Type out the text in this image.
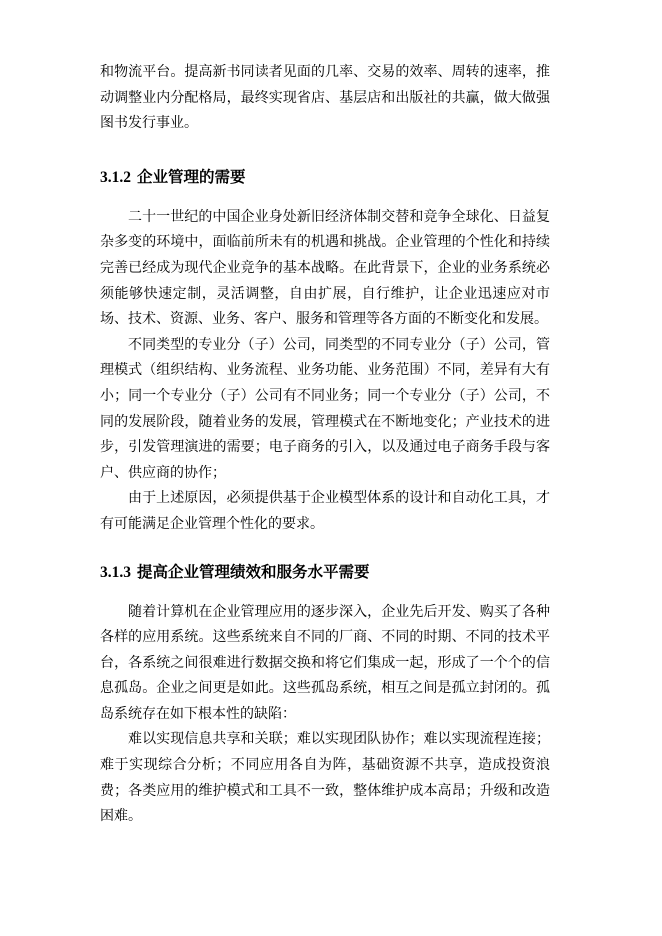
和物流平台。提高新书同读者见面的几率、交易的效率、周转的速率，推动调整业内分配格局，最终实现省店、基层店和出版社的共赢，做大做强图书发行事业。

3.1.2 企业管理的需要

二十一世纪的中国企业身处新旧经济体制交替和竞争全球化、日益复杂多变的环境中，面临前所未有的机遇和挑战。企业管理的个性化和持续完善已经成为现代企业竞争的基本战略。在此背景下，企业的业务系统必须能够快速定制，灵活调整，自由扩展，自行维护，让企业迅速应对市场、技术、资源、业务、客户、服务和管理等各方面的不断变化和发展。

不同类型的专业分（子）公司，同类型的不同专业分（子）公司，管理模式（组织结构、业务流程、业务功能、业务范围）不同，差异有大有小；同一个专业分（子）公司有不同业务；同一个专业分（子）公司，不同的发展阶段，随着业务的发展，管理模式在不断地变化；产业技术的进步，引发管理演进的需要；电子商务的引入，以及通过电子商务手段与客户、供应商的协作；

由于上述原因，必须提供基于企业模型体系的设计和自动化工具，才有可能满足企业管理个性化的要求。

3.1.3 提高企业管理绩效和服务水平需要

随着计算机在企业管理应用的逐步深入，企业先后开发、购买了各种各样的应用系统。这些系统来自不同的厂商、不同的时期、不同的技术平台，各系统之间很难进行数据交换和将它们集成一起，形成了一个个的信息孤岛。企业之间更是如此。这些孤岛系统，相互之间是孤立封闭的。孤岛系统存在如下根本性的缺陷：

难以实现信息共享和关联；难以实现团队协作；难以实现流程连接；难于实现综合分析；不同应用各自为阵，基础资源不共享，造成投资浪费；各类应用的维护模式和工具不一致，整体维护成本高昂；升级和改造困难。
